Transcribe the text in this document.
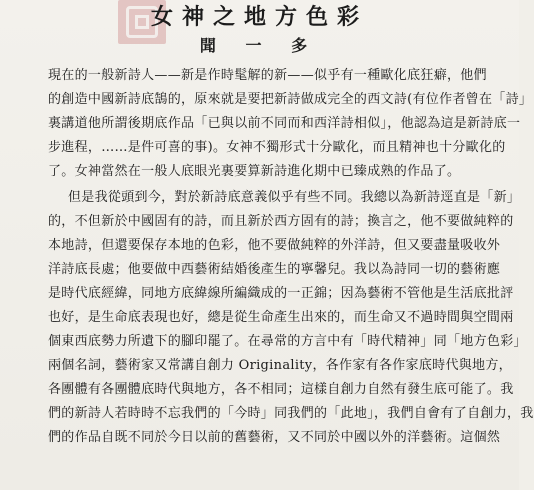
女神之地方色彩
聞 一 多
現在的一般新詩人——新是作時髦解的新——似乎有一種歐化底狂癖，他們
的創造中國新詩底鵠的，原來就是要把新詩做成完全的西文詩(有位作者曾在「詩」
裏講道他所謂後期底作品「已與以前不同而和西洋詩相似」，他認為這是新詩底一
步進程，……是件可喜的事)。女神不獨形式十分歐化，而且精神也十分歐化的
了。女神當然在一般人底眼光裏要算新詩進化期中已臻成熟的作品了。
但是我從頭到今，對於新詩底意義似乎有些不同。我總以為新詩逕直是「新」
的，不但新於中國固有的詩，而且新於西方固有的詩；換言之，他不要做純粹的
本地詩，但還要保存本地的色彩，他不要做純粹的外洋詩，但又要盡量吸收外
洋詩底長處；他要做中西藝術結婚後產生的寧馨兒。我以為詩同一切的藝術應
是時代底經緯，同地方底緯線所編織成的一正錦；因為藝術不管他是生活底批評
也好，是生命底表現也好，總是從生命產生出來的，而生命又不過時間與空間兩
個東西底勢力所遺下的腳印罷了。在尋常的方言中有「時代精神」同「地方色彩」
兩個名詞，藝術家又常講自創力 Originality，各作家有各作家底時代與地方，
各團體有各團體底時代與地方，各不相同；這樣自創力自然有發生底可能了。我
們的新詩人若時時不忘我們的「今時」同我們的「此地」，我們自會有了自創力，我
們的作品自既不同於今日以前的舊藝術，又不同於中國以外的洋藝術。這個然
